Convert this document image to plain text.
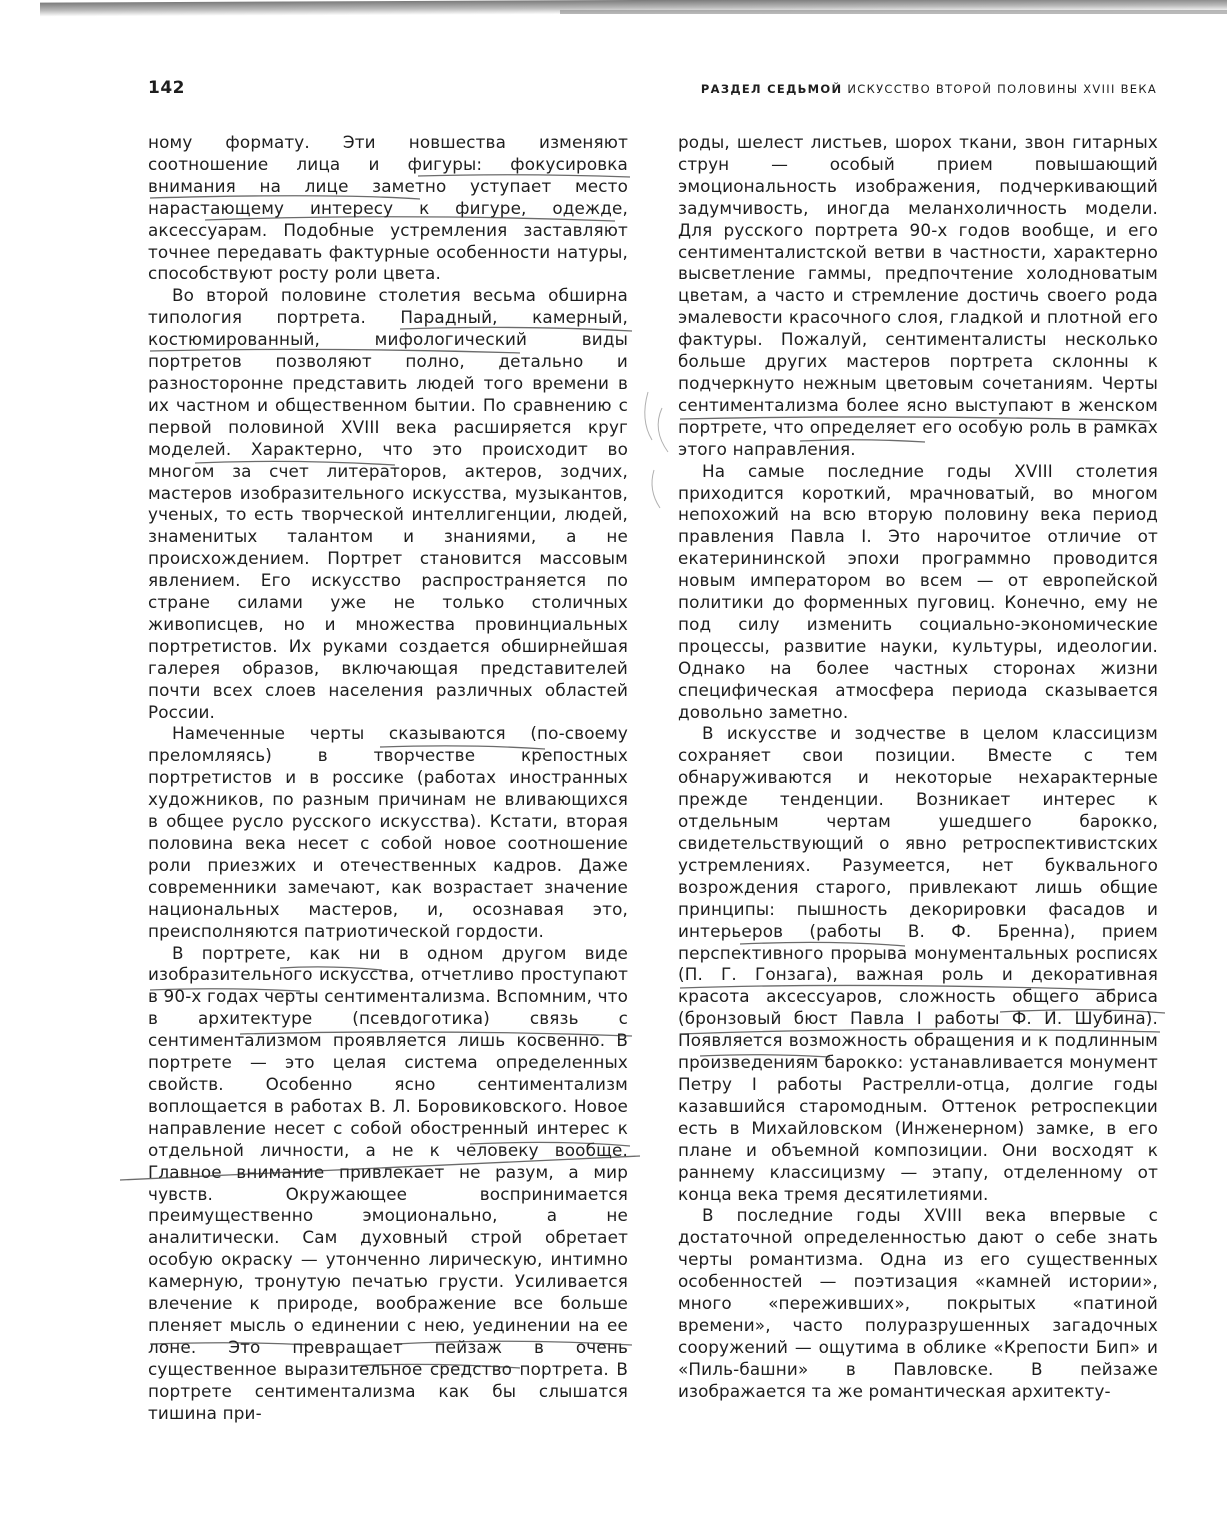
142	РАЗДЕЛ СЕДЬМОЙ ИСКУССТВО ВТОРОЙ ПОЛОВИНЫ XVIII ВЕКА

ному формату. Эти новшества изменяют соотношение лица и фигуры: фокусировка внимания на лице заметно уступает место нарастающему интересу к фигуре, одежде, аксессуарам. Подобные устремления заставляют точнее передавать фактурные особенности натуры, способствуют росту роли цвета.

Во второй половине столетия весьма обширна типология портрета. Парадный, камерный, костюмированный, мифологический виды портретов позволяют полно, детально и разносторонне представить людей того времени в их частном и общественном бытии. По сравнению с первой половиной XVIII века расширяется круг моделей. Характерно, что это происходит во многом за счет литераторов, актеров, зодчих, мастеров изобразительного искусства, музыкантов, ученых, то есть творческой интеллигенции, людей, знаменитых талантом и знаниями, а не происхождением. Портрет становится массовым явлением. Его искусство распространяется по стране силами уже не только столичных живописцев, но и множества провинциальных портретистов. Их руками создается обширнейшая галерея образов, включающая представителей почти всех слоев населения различных областей России.

Намеченные черты сказываются (по-своему преломляясь) в творчестве крепостных портретистов и в россике (работах иностранных художников, по разным причинам не вливающихся в общее русло русского искусства). Кстати, вторая половина века несет с собой новое соотношение роли приезжих и отечественных кадров. Даже современники замечают, как возрастает значение национальных мастеров, и, осознавая это, преисполняются патриотической гордости.

В портрете, как ни в одном другом виде изобразительного искусства, отчетливо проступают в 90-х годах черты сентиментализма. Вспомним, что в архитектуре (псевдоготика) связь с сентиментализмом проявляется лишь косвенно. В портрете — это целая система определенных свойств. Особенно ясно сентиментализм воплощается в работах В. Л. Боровиковского. Новое направление несет с собой обостренный интерес к отдельной личности, а не к человеку вообще. Главное внимание привлекает не разум, а мир чувств. Окружающее воспринимается преимущественно эмоционально, а не аналитически. Сам духовный строй обретает особую окраску — утонченно лирическую, интимно камерную, тронутую печатью грусти. Усиливается влечение к природе, воображение все больше пленяет мысль о единении с нею, уединении на ее лоне. Это превращает пейзаж в очень существенное выразительное средство портрета. В портрете сентиментализма как бы слышатся тишина при-

роды, шелест листьев, шорох ткани, звон гитарных струн — особый прием повышающий эмоциональность изображения, подчеркивающий задумчивость, иногда меланхоличность модели. Для русского портрета 90-х годов вообще, и его сентименталистской ветви в частности, характерно высветление гаммы, предпочтение холодноватым цветам, а часто и стремление достичь своего рода эмалевости красочного слоя, гладкой и плотной его фактуры. Пожалуй, сентименталисты несколько больше других мастеров портрета склонны к подчеркнуто нежным цветовым сочетаниям. Черты сентиментализма более ясно выступают в женском портрете, что определяет его особую роль в рамках этого направления.

На самые последние годы XVIII столетия приходится короткий, мрачноватый, во многом непохожий на всю вторую половину века период правления Павла I. Это нарочитое отличие от екатерининской эпохи программно проводится новым императором во всем — от европейской политики до форменных пуговиц. Конечно, ему не под силу изменить социально-экономические процессы, развитие науки, культуры, идеологии. Однако на более частных сторонах жизни специфическая атмосфера периода сказывается довольно заметно.

В искусстве и зодчестве в целом классицизм сохраняет свои позиции. Вместе с тем обнаруживаются и некоторые нехарактерные прежде тенденции. Возникает интерес к отдельным чертам ушедшего барокко, свидетельствующий о явно ретроспективистских устремлениях. Разумеется, нет буквального возрождения старого, привлекают лишь общие принципы: пышность декорировки фасадов и интерьеров (работы В. Ф. Бренна), прием перспективного прорыва монументальных росписях (П. Г. Гонзага), важная роль и декоративная красота аксессуаров, сложность общего абриса (бронзовый бюст Павла I работы Ф. И. Шубина). Появляется возможность обращения и к подлинным произведениям барокко: устанавливается монумент Петру I работы Растрелли-отца, долгие годы казавшийся старомодным. Оттенок ретроспекции есть в Михайловском (Инженерном) замке, в его плане и объемной композиции. Они восходят к раннему классицизму — этапу, отделенному от конца века тремя десятилетиями.

В последние годы XVIII века впервые с достаточной определенностью дают о себе знать черты романтизма. Одна из его существенных особенностей — поэтизация «камней истории», много «переживших», покрытых «патиной времени», часто полуразрушенных загадочных сооружений — ощутима в облике «Крепости Бип» и «Пиль-башни» в Павловске. В пейзаже изображается та же романтическая архитекту-
